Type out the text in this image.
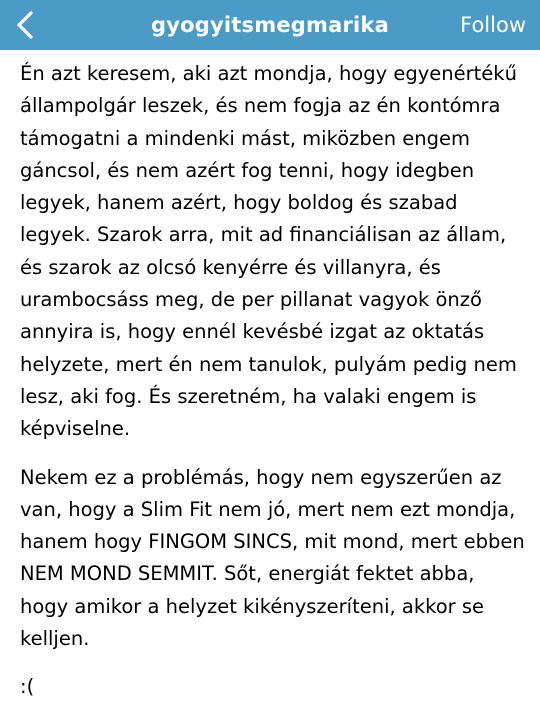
gyogyitsmegmarika	Follow

Én azt keresem, aki azt mondja, hogy egyenértékű állampolgár leszek, és nem fogja az én kontómra támogatni a mindenki mást, miközben engem gáncsol, és nem azért fog tenni, hogy idegben legyek, hanem azért, hogy boldog és szabad legyek. Szarok arra, mit ad financiálisan az állam, és szarok az olcsó kenyérre és villanyra, és urambocsáss meg, de per pillanat vagyok önző annyira is, hogy ennél kevésbé izgat az oktatás helyzete, mert én nem tanulok, pulyám pedig nem lesz, aki fog. És szeretném, ha valaki engem is képviselne.

Nekem ez a problémás, hogy nem egyszerűen az van, hogy a Slim Fit nem jó, mert nem ezt mondja, hanem hogy FINGOM SINCS, mit mond, mert ebben NEM MOND SEMMIT. Sőt, energiát fektet abba, hogy amikor a helyzet kikényszeríteni, akkor se kelljen.

:(
